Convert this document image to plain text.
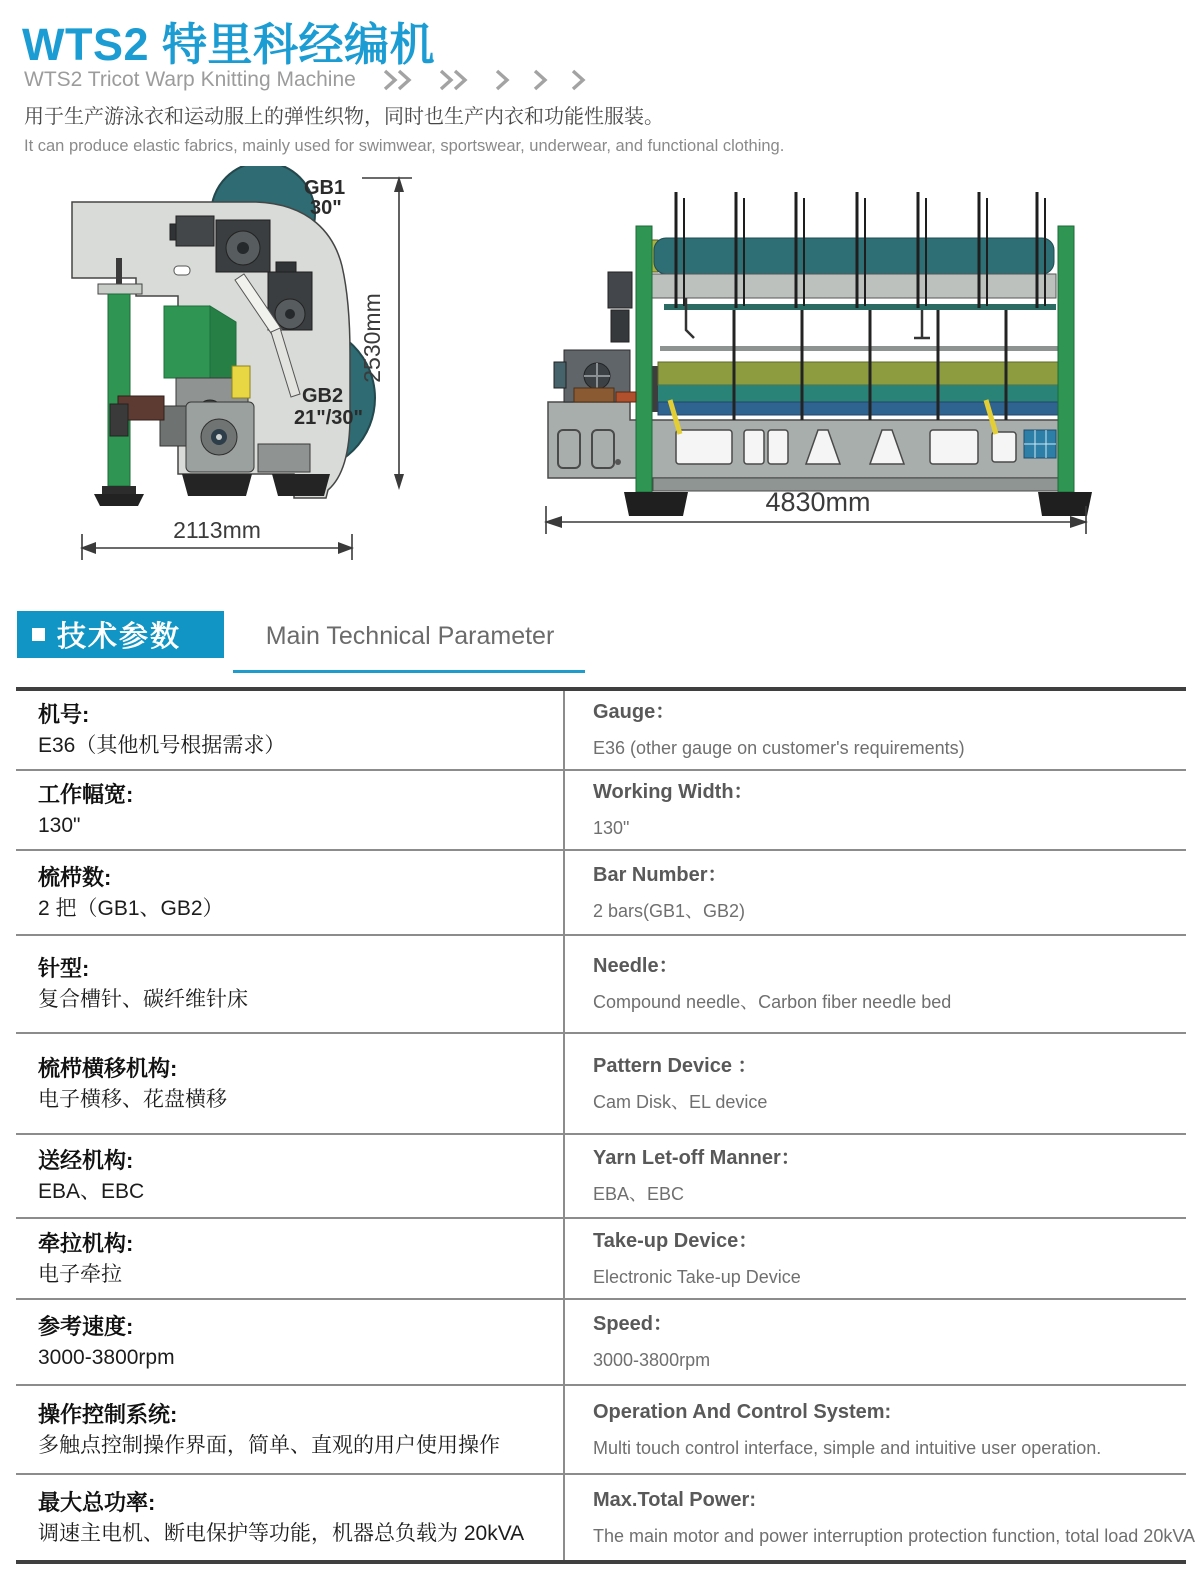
WTS2 特里科经编机
WTS2 Tricot Warp Knitting Machine
用于生产游泳衣和运动服上的弹性织物，同时也生产内衣和功能性服装。
It can produce elastic fabrics, mainly used for swimwear, sportswear, underwear, and functional clothing.
GB1
30"
GB2
21"/30"
2530mm
2113mm
4830mm
技术参数	Main Technical Parameter
机号:
E36（其他机号根据需求）
Gauge：
E36 (other gauge on customer's requirements)
工作幅宽:
130"
Working Width：
130"
梳栉数:
2 把（GB1、GB2）
Bar Number：
2 bars(GB1、GB2)
针型:
复合槽针、碳纤维针床
Needle：
Compound needle、Carbon fiber needle bed
梳栉横移机构:
电子横移、花盘横移
Pattern Device ：
Cam Disk、EL device
送经机构:
EBA、EBC
Yarn Let-off Manner：
EBA、EBC
牵拉机构:
电子牵拉
Take-up Device：
Electronic Take-up Device
参考速度:
3000-3800rpm
Speed：
3000-3800rpm
操作控制系统:
多触点控制操作界面，简单、直观的用户使用操作
Operation And Control System:
Multi touch control interface, simple and intuitive user operation.
最大总功率:
调速主电机、断电保护等功能，机器总负载为 20kVA
Max.Total Power:
The main motor and power interruption protection function, total load 20kVA
